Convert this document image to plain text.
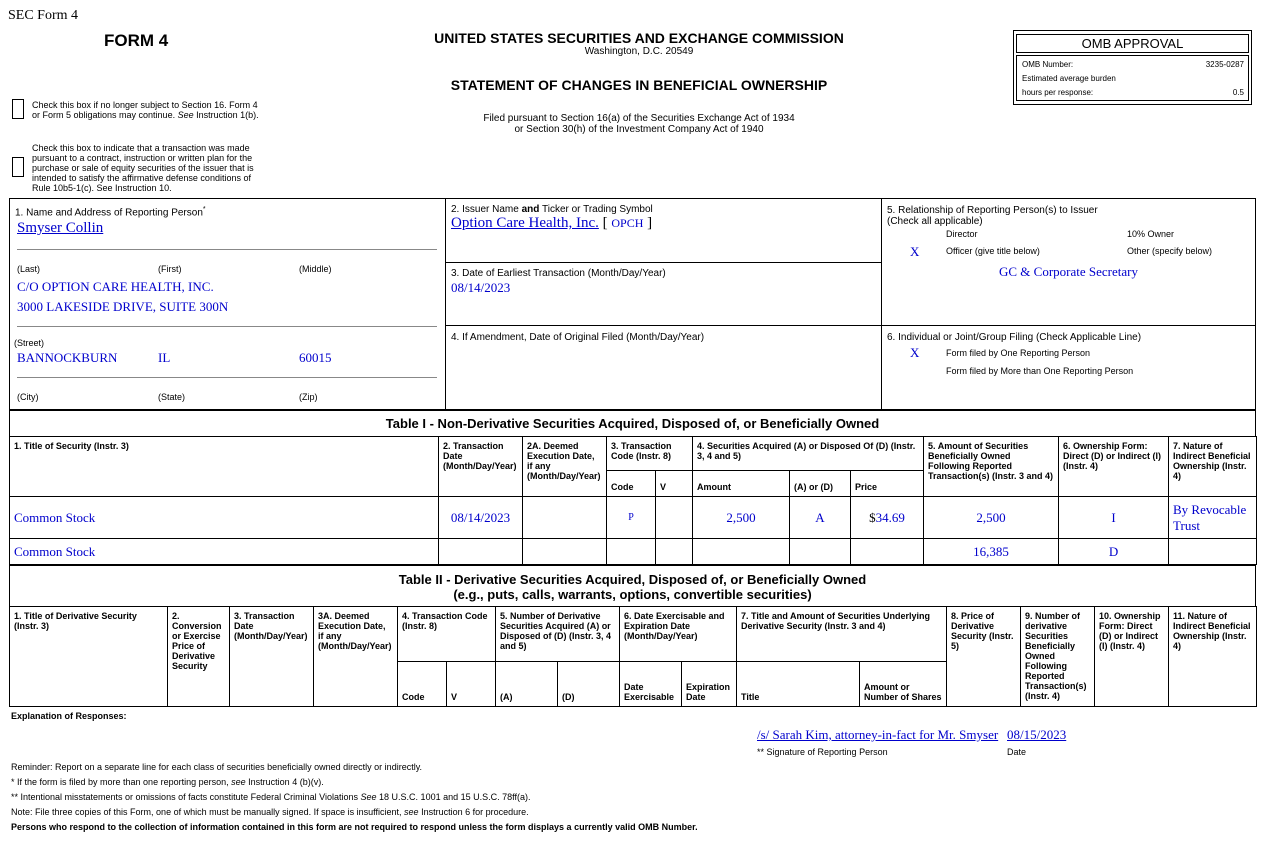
SEC Form 4
FORM 4	UNITED STATES SECURITIES AND EXCHANGE COMMISSION
Washington, D.C. 20549
STATEMENT OF CHANGES IN BENEFICIAL OWNERSHIP
Filed pursuant to Section 16(a) of the Securities Exchange Act of 1934
or Section 30(h) of the Investment Company Act of 1940
Check this box if no longer subject to Section 16. Form 4
or Form 5 obligations may continue. See Instruction 1(b).
Check this box to indicate that a transaction was made pursuant to a contract, instruction or written plan for the purchase or sale of equity securities of the issuer that is intended to satisfy the affirmative defense conditions of Rule 10b5-1(c). See Instruction 10.
OMB APPROVAL
OMB Number:	3235-0287
Estimated average burden
hours per response:	0.5
1. Name and Address of Reporting Person*
Smyser Collin
(Last)	(First)	(Middle)
C/O OPTION CARE HEALTH, INC.
3000 LAKESIDE DRIVE, SUITE 300N
(Street)
BANNOCKBURN	IL	60015
(City)	(State)	(Zip)
2. Issuer Name and Ticker or Trading Symbol
Option Care Health, Inc. [ OPCH ]
3. Date of Earliest Transaction (Month/Day/Year)
08/14/2023
4. If Amendment, Date of Original Filed (Month/Day/Year)
5. Relationship of Reporting Person(s) to Issuer
(Check all applicable)
Director	10% Owner
X	Officer (give title below)	Other (specify below)
GC & Corporate Secretary
6. Individual or Joint/Group Filing (Check Applicable Line)
X	Form filed by One Reporting Person
Form filed by More than One Reporting Person
Table I - Non-Derivative Securities Acquired, Disposed of, or Beneficially Owned
1. Title of Security (Instr. 3)	2. Transaction Date (Month/Day/Year)	2A. Deemed Execution Date, if any (Month/Day/Year)	3. Transaction Code (Instr. 8)		4. Securities Acquired (A) or Disposed Of (D) (Instr. 3, 4 and 5)			5. Amount of Securities Beneficially Owned Following Reported Transaction(s) (Instr. 3 and 4)	6. Ownership Form: Direct (D) or Indirect (I) (Instr. 4)	7. Nature of Indirect Beneficial Ownership (Instr. 4)
			Code	V	Amount	(A) or (D)	Price			
Common Stock	08/14/2023		P		2,500	A	$34.69	2,500	I	By Revocable Trust
Common Stock								16,385	D	
Table II - Derivative Securities Acquired, Disposed of, or Beneficially Owned
(e.g., puts, calls, warrants, options, convertible securities)
1. Title of Derivative Security (Instr. 3)	2. Conversion or Exercise Price of Derivative Security	3. Transaction Date (Month/Day/Year)	3A. Deemed Execution Date, if any (Month/Day/Year)	4. Transaction Code (Instr. 8)		5. Number of Derivative Securities Acquired (A) or Disposed of (D) (Instr. 3, 4 and 5)		6. Date Exercisable and Expiration Date (Month/Day/Year)		7. Title and Amount of Securities Underlying Derivative Security (Instr. 3 and 4)		8. Price of Derivative Security (Instr. 5)	9. Number of derivative Securities Beneficially Owned Following Reported Transaction(s) (Instr. 4)	10. Ownership Form: Direct (D) or Indirect (I) (Instr. 4)	11. Nature of Indirect Beneficial Ownership (Instr. 4)
				Code	V	(A)	(D)	Date Exercisable	Expiration Date	Title	Amount or Number of Shares				
Explanation of Responses:
/s/ Sarah Kim, attorney-in-fact for Mr. Smyser 08/15/2023
** Signature of Reporting Person	Date
Reminder: Report on a separate line for each class of securities beneficially owned directly or indirectly.
* If the form is filed by more than one reporting person, see Instruction 4 (b)(v).
** Intentional misstatements or omissions of facts constitute Federal Criminal Violations See 18 U.S.C. 1001 and 15 U.S.C. 78ff(a).
Note: File three copies of this Form, one of which must be manually signed. If space is insufficient, see Instruction 6 for procedure.
Persons who respond to the collection of information contained in this form are not required to respond unless the form displays a currently valid OMB Number.
